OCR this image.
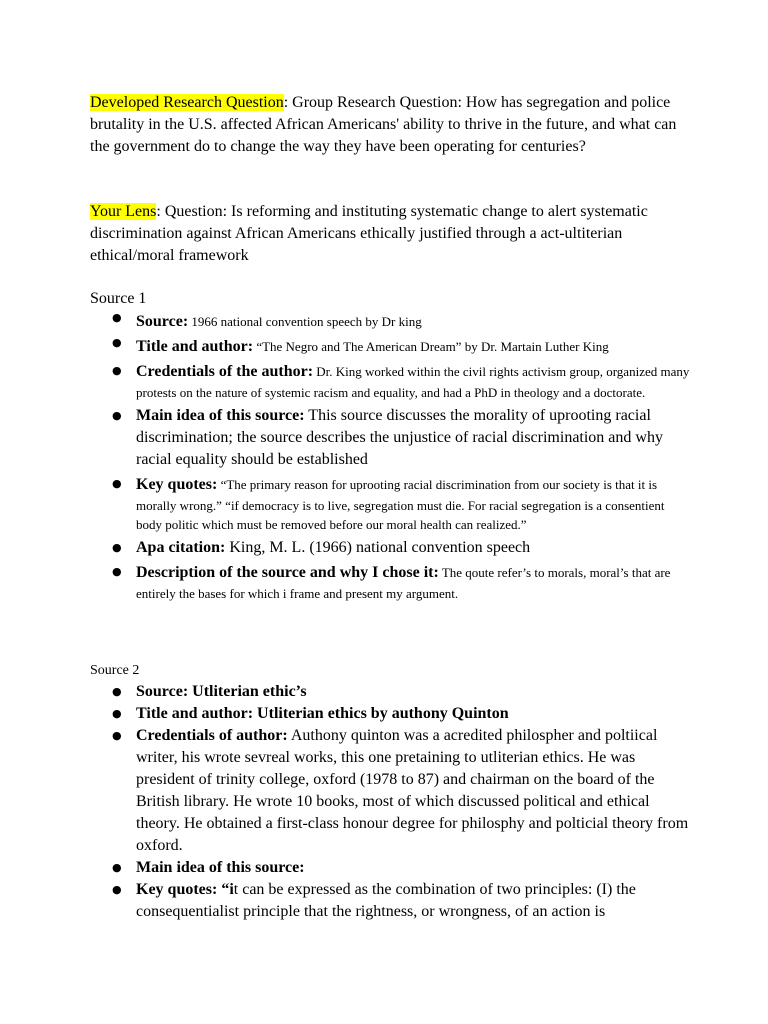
Developed Research Question: Group Research Question: How has segregation and police brutality in the U.S. affected African Americans' ability to thrive in the future, and what can the government do to change the way they have been operating for centuries?
Your Lens: Question: Is reforming and instituting systematic change to alert systematic discrimination against African Americans ethically justified through a act-ultiterian ethical/moral framework
Source 1
● Source: 1966 national convention speech by Dr king
● Title and author: “The Negro and The American Dream” by Dr. Martain Luther King
● Credentials of the author: Dr. King worked within the civil rights activism group, organized many protests on the nature of systemic racism and equality, and had a PhD in theology and a doctorate.
● Main idea of this source: This source discusses the morality of uprooting racial discrimination; the source describes the unjustice of racial discrimination and why racial equality should be established
● Key quotes: “The primary reason for uprooting racial discrimination from our society is that it is morally wrong.” “if democracy is to live, segregation must die. For racial segregation is a consentient body politic which must be removed before our moral health can realized.”
● Apa citation: King, M. L. (1966) national convention speech
● Description of the source and why I chose it: The qoute refer’s to morals, moral’s that are entirely the bases for which i frame and present my argument.
Source 2
● Source: Utliterian ethic’s
● Title and author: Utliterian ethics by authony Quinton
● Credentials of author: Authony quinton was a acredited philospher and poltiical writer, his wrote sevreal works, this one pretaining to utliterian ethics. He was president of trinity college, oxford (1978 to 87) and chairman on the board of the British library. He wrote 10 books, most of which discussed political and ethical theory. He obtained a first-class honour degree for philosphy and polticial theory from oxford.
● Main idea of this source:
● Key quotes: “it can be expressed as the combination of two principles: (I) the consequentialist principle that the rightness, or wrongness, of an action is
